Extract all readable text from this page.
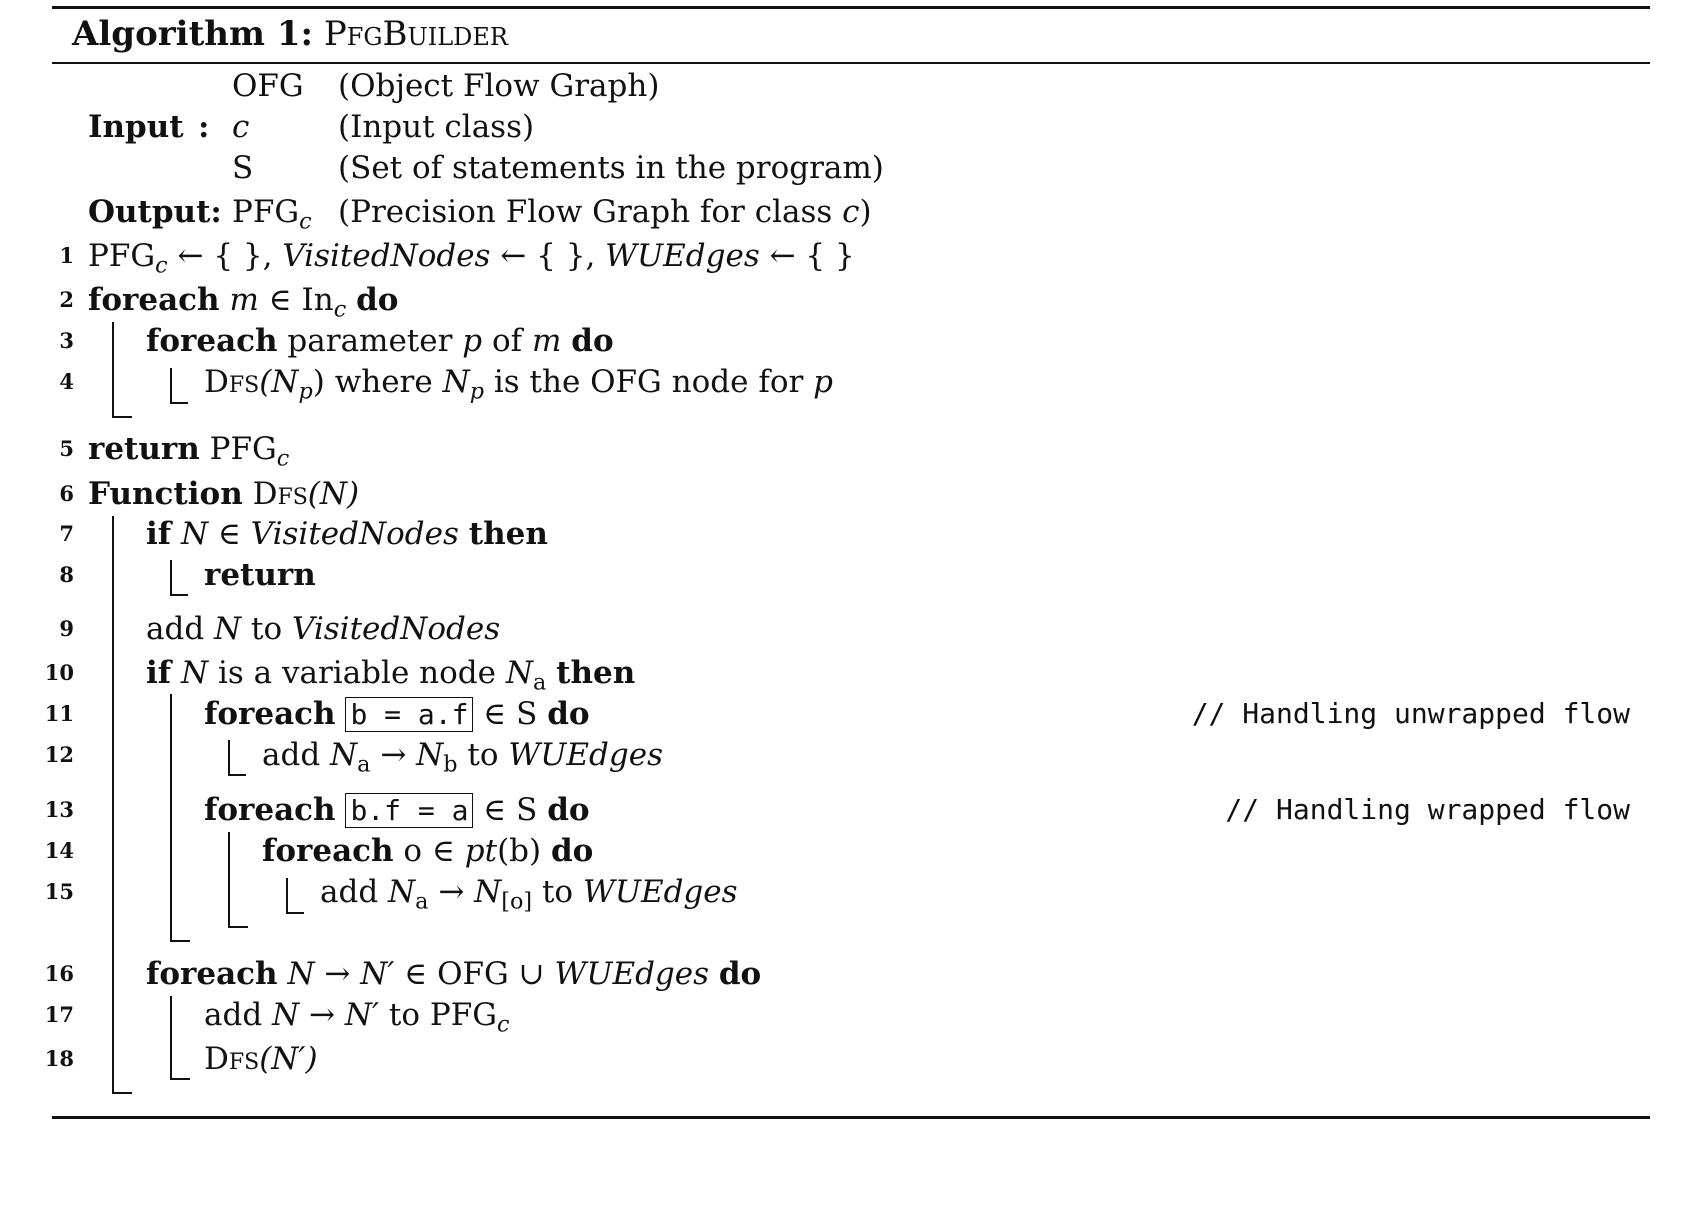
Algorithm 1: PfgBuilder
OFG (Object Flow Graph)
Input : c	(Input class)
S	(Set of statements in the program)
Output: $PFG_c$ (Precision Flow Graph for class c)
1 $PFG_c$ ← { }, VisitedNodes ← { }, WUEdges ← { }
2 foreach m ∈ $In_c$ do
3 foreach parameter p of m do
4	$Dfs(N_p)$ where $N_p$ is the OFG node for p
5 return $PFG_c$
6 Function Dfs(N)
7 if N ∈ VisitedNodes then
8	return
9 add N to VisitedNodes
10 if N is a variable node $N_a$ then
11	foreach b = a.f ∈ S do	// Handling unwrapped flow
12	add $N_a \to N_b$ to WUEdges
13	foreach b.f = a ∈ S do	// Handling wrapped flow
14	foreach o ∈ pt(b) do
15	add $N_a \to N_{[o]}$ to WUEdges
16 foreach N → N′ ∈ OFG ∪ WUEdges do
17	add N → N′ to $PFG_c$
18	Dfs(N′)
